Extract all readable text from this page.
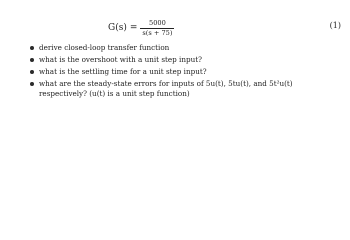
$G(s) = \frac{5000}{s(s + 75)}$	(1)
derive closed-loop transfer function
what is the overshoot with a unit step input?
what is the settling time for a unit step input?
what are the steady-state errors for inputs of 5u(t), 5tu(t), and 5t²u(t) respectively? (u(t) is a unit step function)
